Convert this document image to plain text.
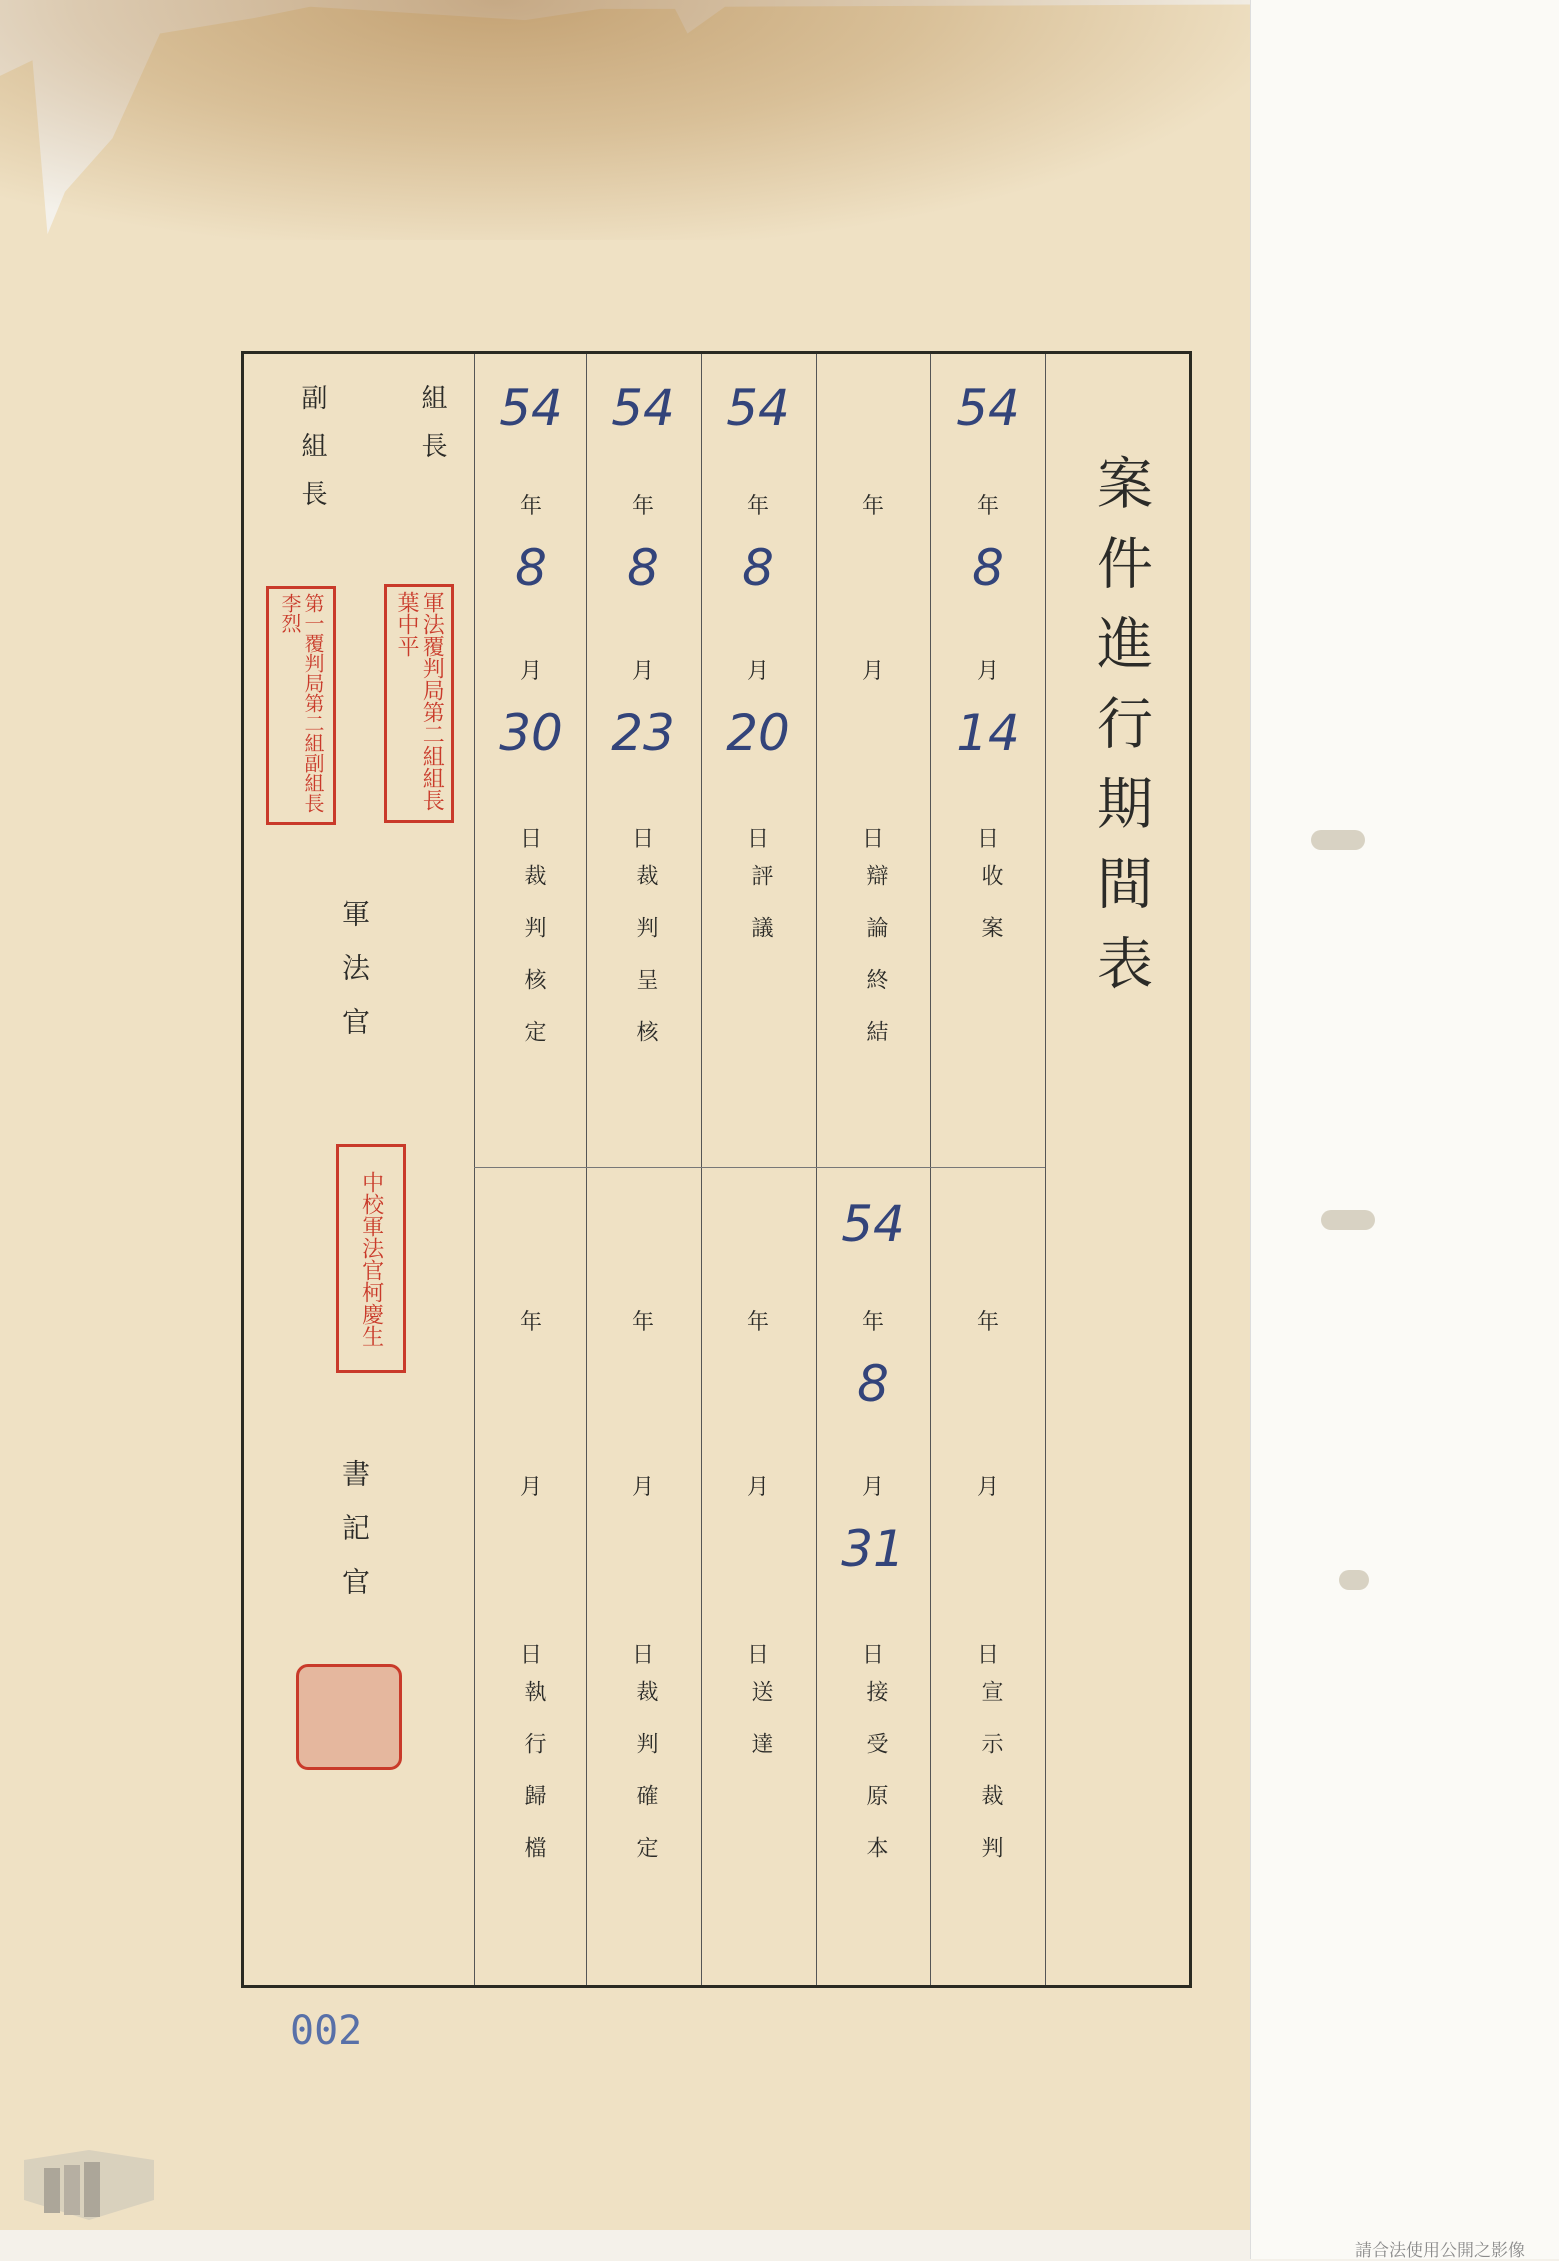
案件進行期間表
組長
副組長
軍法覆判局第二組組長葉中平
第一覆判局第二組副組長李烈
軍法官
中校軍法官柯慶生
書記官
54
年
8
月
14
日
收案
年
月
日
宣示裁判
年
月
日
辯論終結
54
年
8
月
31
日
接受原本
54
年
8
月
20
日
評議
年
月
日
送達
54
年
8
月
23
日
裁判呈核
年
月
日
裁判確定
54
年
8
月
30
日
裁判核定
年
月
日
執行歸檔
002
請合法使用公開之影像
